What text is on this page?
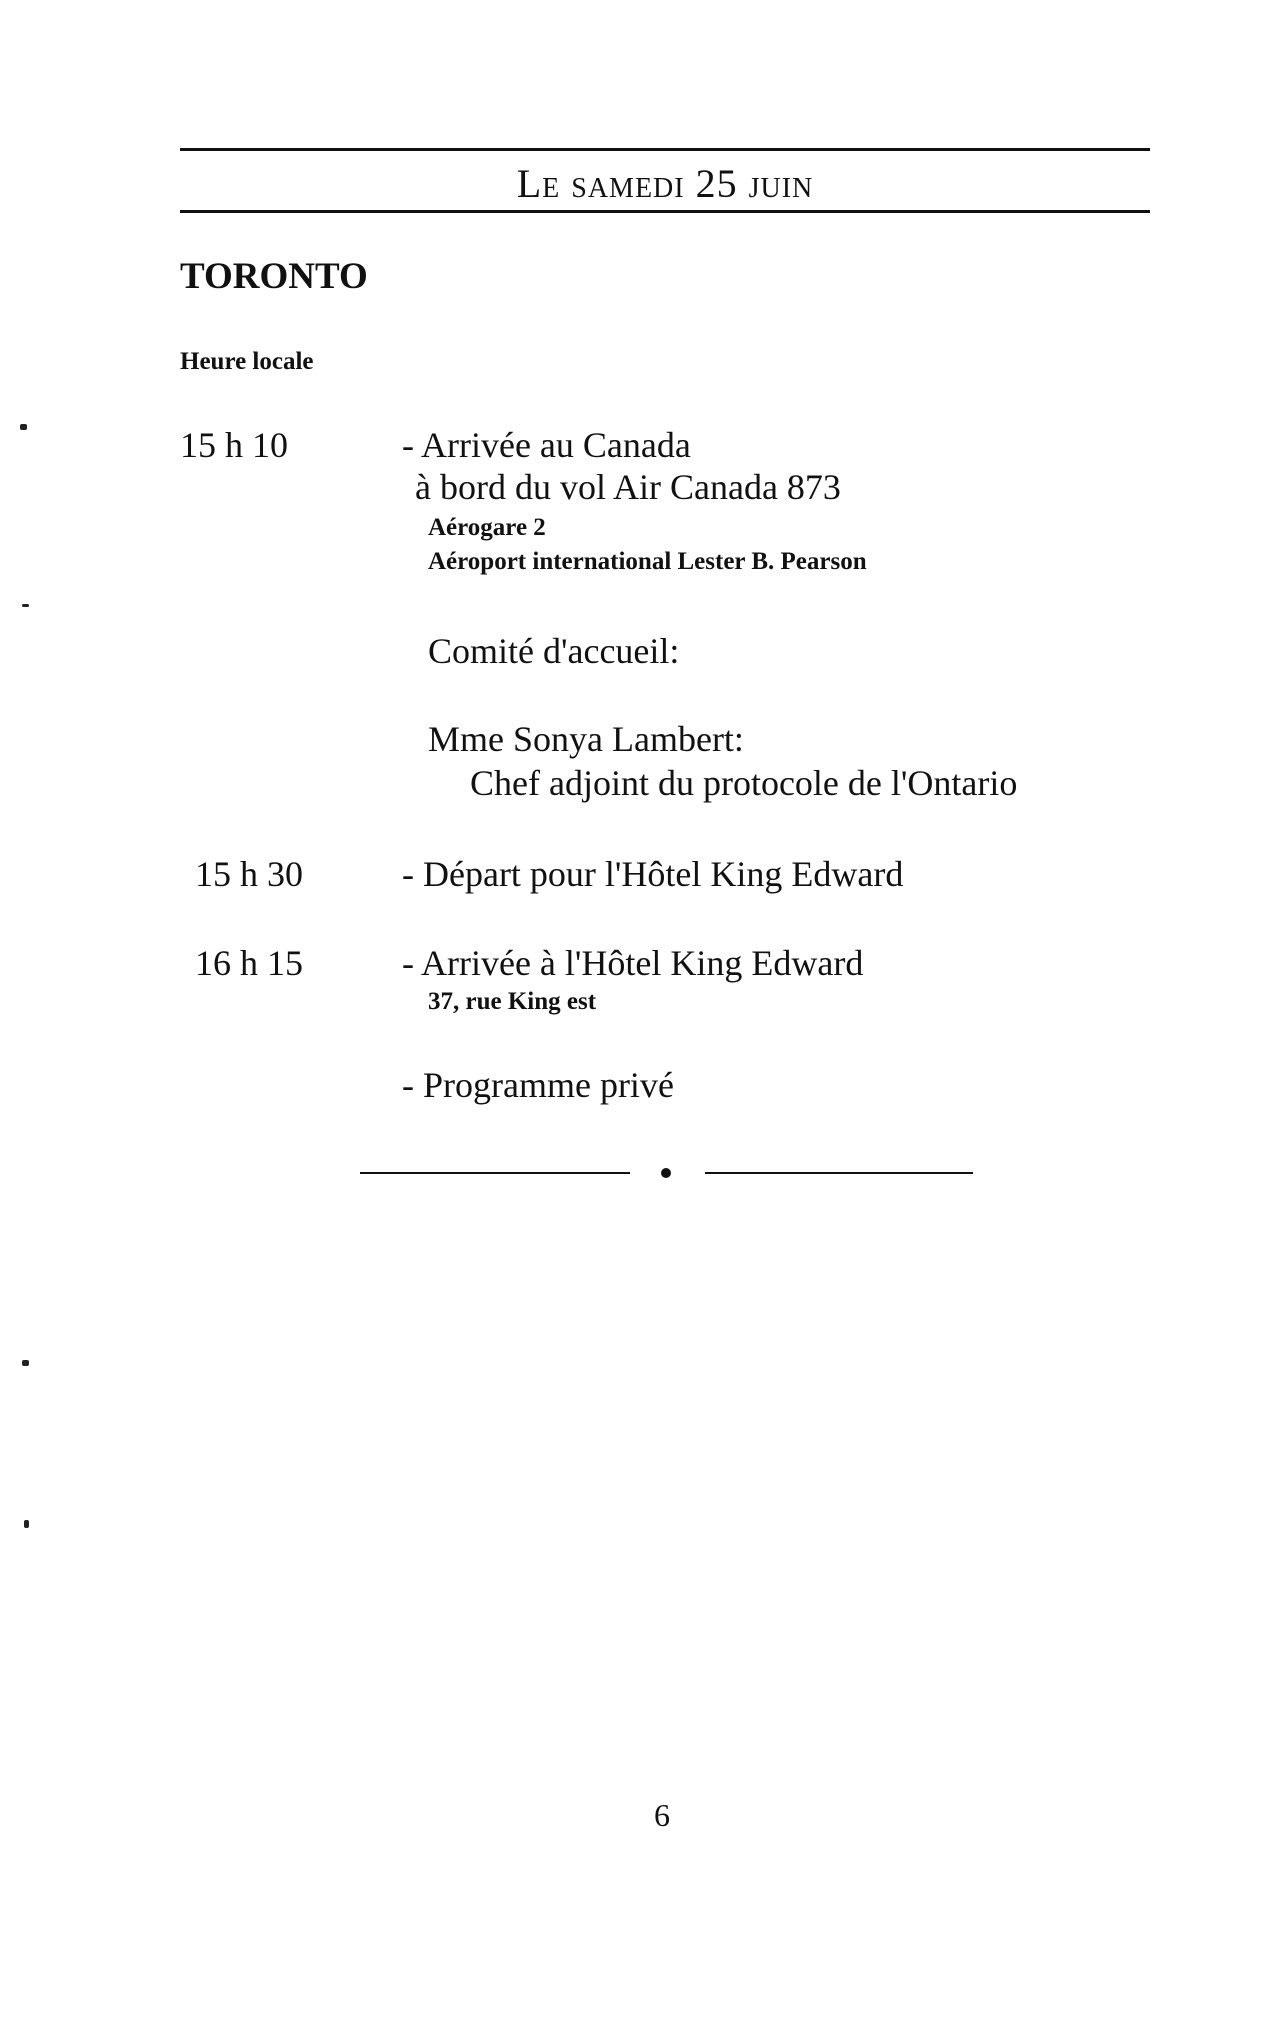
Le samedi 25 juin
TORONTO
Heure locale
15 h 10	- Arrivée au Canada
à bord du vol Air Canada 873
Aérogare 2
Aéroport international Lester B. Pearson
Comité d'accueil:
Mme Sonya Lambert:
Chef adjoint du protocole de l'Ontario
15 h 30	- Départ pour l'Hôtel King Edward
16 h 15	- Arrivée à l'Hôtel King Edward
37, rue King est
- Programme privé
6
